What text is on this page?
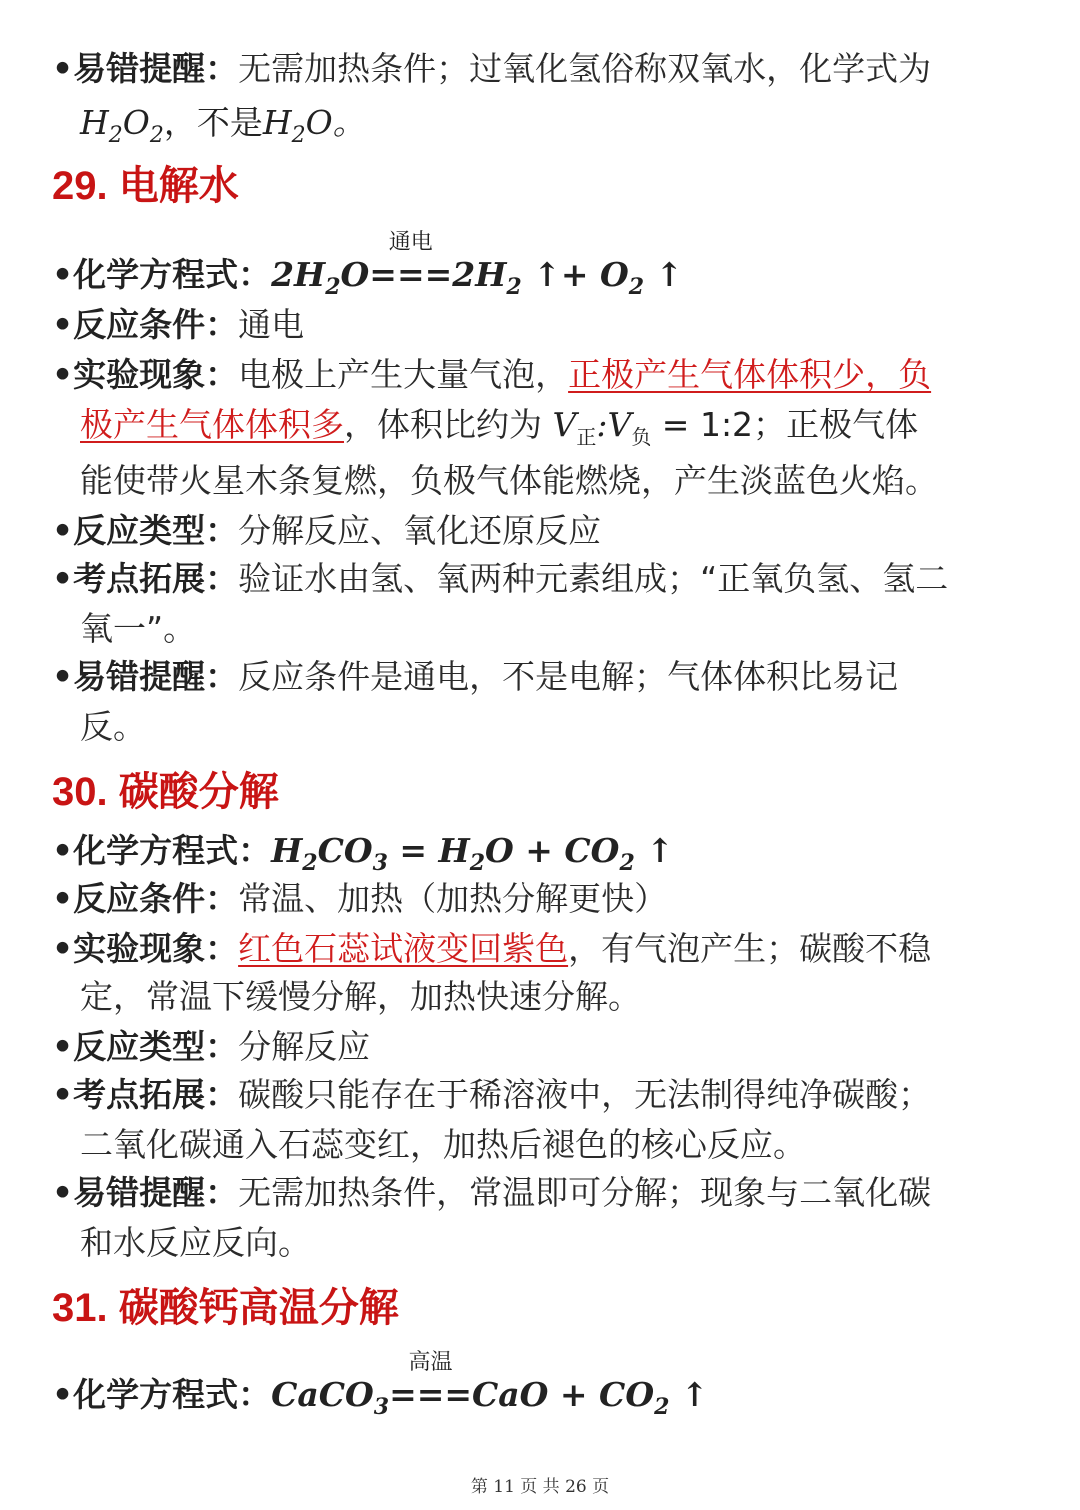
•易错提醒：无需加热条件；过氧化氢俗称双氧水，化学式为
$H_2O_2$，不是$H_2O$。
29. 电解水
•化学方程式：$2H_2O$
通电
$===2H_2$ ↑+ $O_2$ ↑
•反应条件：通电
•实验现象：电极上产生大量气泡，正极产生气体体积少，负
极产生气体体积多，体积比约为 $V_正:V_负$ = 1:2；正极气体
能使带火星木条复燃，负极气体能燃烧，产生淡蓝色火焰。
•反应类型：分解反应、氧化还原反应
•考点拓展：验证水由氢、氧两种元素组成；“正氧负氢、氢二
氧一”。
•易错提醒：反应条件是通电，不是电解；气体体积比易记
反。
30. 碳酸分解
•化学方程式：$H_2CO_3 = H_2O + CO_2$ ↑
•反应条件：常温、加热（加热分解更快）
•实验现象：红色石蕊试液变回紫色，有气泡产生；碳酸不稳
定，常温下缓慢分解，加热快速分解。
•反应类型：分解反应
•考点拓展：碳酸只能存在于稀溶液中，无法制得纯净碳酸；
二氧化碳通入石蕊变红，加热后褪色的核心反应。
•易错提醒：无需加热条件，常温即可分解；现象与二氧化碳
和水反应反向。
31. 碳酸钙高温分解
•化学方程式：CaCO$_3$
高温
$===CaO + CO_2$ ↑
第 11 页 共 26 页
